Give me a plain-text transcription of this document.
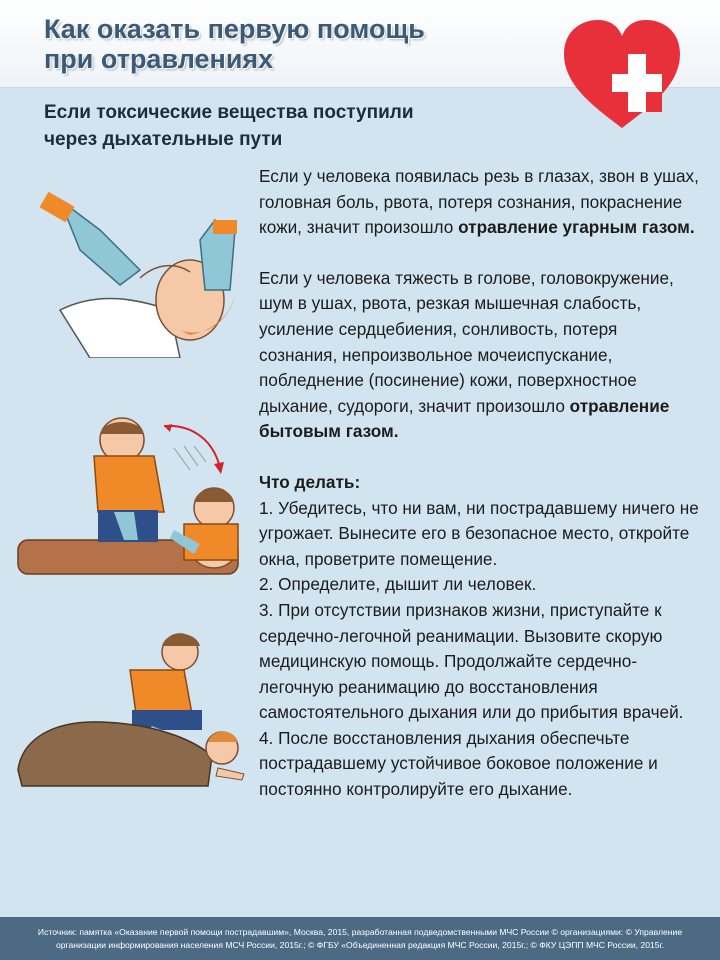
Как оказать первую помощь
при отравлениях
Если токсические вещества поступили
через дыхательные пути

Если у человека появилась резь в глазах, звон в ушах, головная боль, рвота, потеря сознания, покраснение кожи, значит произошло отравление угарным газом.

Если у человека тяжесть в голове, головокружение, шум в ушах, рвота, резкая мышечная слабость, усиление сердцебиения, сонливость, потеря сознания, непроизвольное мочеиспускание, побледнение (посинение) кожи, поверхностное дыхание, судороги, значит произошло отравление бытовым газом.

Что делать:
1. Убедитесь, что ни вам, ни пострадавшему ничего не угрожает. Вынесите его в безопасное место, откройте окна, проветрите помещение.
2. Определите, дышит ли человек.
3. При отсутствии признаков жизни, приступайте к сердечно-легочной реанимации. Вызовите скорую медицинскую помощь. Продолжайте сердечно-легочную реанимацию до восстановления самостоятельного дыхания или до прибытия врачей.
4. После восстановления дыхания обеспечьте пострадавшему устойчивое боковое положение и постоянно контролируйте его дыхание.
Источник: памятка «Оказание первой помощи пострадавшим», Москва, 2015, разработанная подведомственными МЧС России © организациями: © Управление
организации информирования населения МСЧ России, 2015г.; © ФГБУ «Объединенная редакция МЧС России, 2015г.; © ФКУ ЦЭПП МЧС России, 2015г.
